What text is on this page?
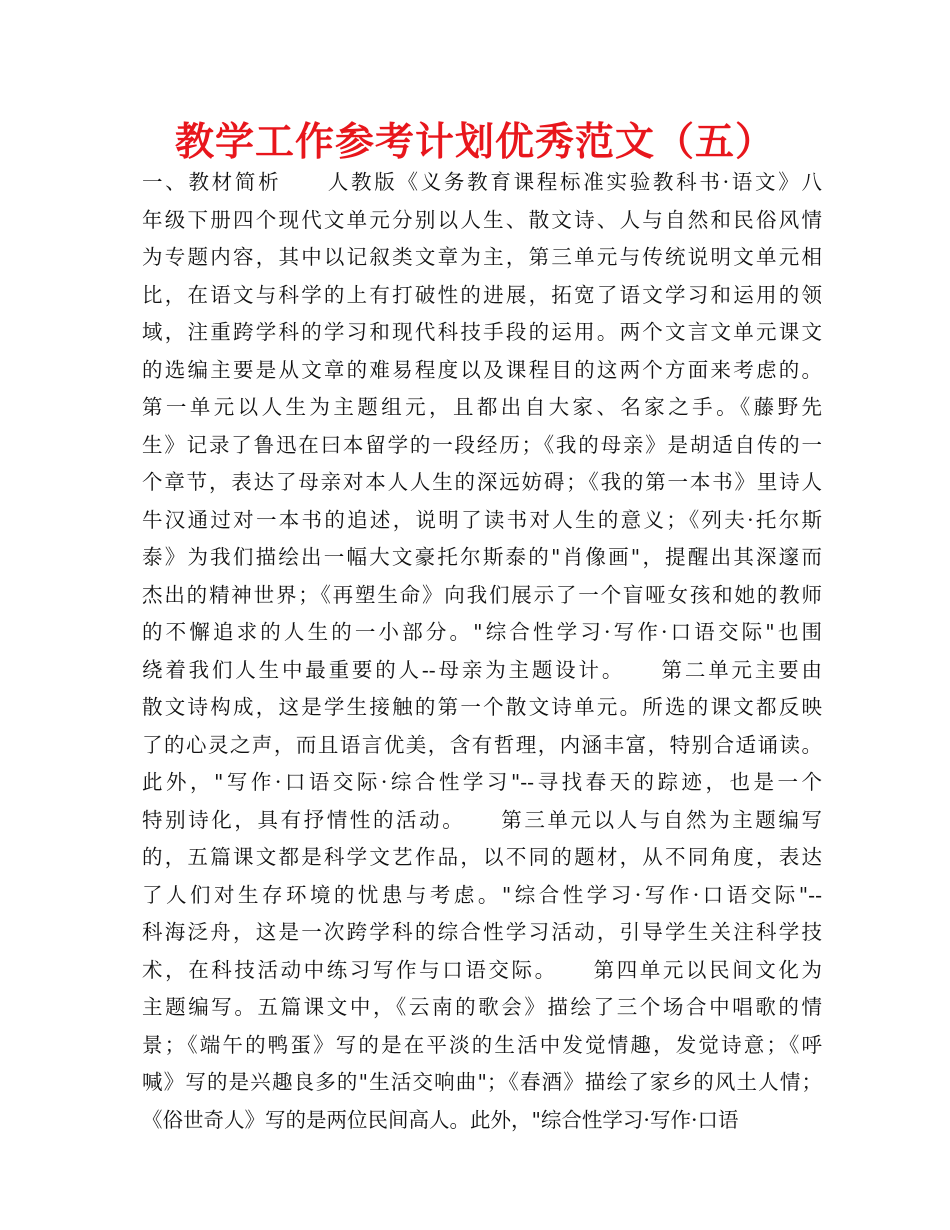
教学工作参考计划优秀范文（五）
一、教材简析　　人教版《义务教育课程标准实验教科书·语文》八
年级下册四个现代文单元分别以人生、散文诗、人与自然和民俗风情
为专题内容，其中以记叙类文章为主，第三单元与传统说明文单元相
比，在语文与科学的上有打破性的进展，拓宽了语文学习和运用的领
域，注重跨学科的学习和现代科技手段的运用。两个文言文单元课文
的选编主要是从文章的难易程度以及课程目的这两个方面来考虑的。
第一单元以人生为主题组元，且都出自大家、名家之手。《藤野先
生》记录了鲁迅在曰本留学的一段经历；《我的母亲》是胡适自传的一
个章节，表达了母亲对本人人生的深远妨碍；《我的第一本书》里诗人
牛汉通过对一本书的追述，说明了读书对人生的意义；《列夫·托尔斯
泰》为我们描绘出一幅大文豪托尔斯泰的"肖像画"，提醒出其深邃而
杰出的精神世界；《再塑生命》向我们展示了一个盲哑女孩和她的教师
的不懈追求的人生的一小部分。"综合性学习·写作·口语交际"也围
绕着我们人生中最重要的人--母亲为主题设计。　　第二单元主要由
散文诗构成，这是学生接触的第一个散文诗单元。所选的课文都反映
了的心灵之声，而且语言优美，含有哲理，内涵丰富，特别合适诵读。
此外，"写作·口语交际·综合性学习"--寻找春天的踪迹，也是一个
特别诗化，具有抒情性的活动。　　第三单元以人与自然为主题编写
的，五篇课文都是科学文艺作品，以不同的题材，从不同角度，表达
了人们对生存环境的忧患与考虑。"综合性学习·写作·口语交际"--
科海泛舟，这是一次跨学科的综合性学习活动，引导学生关注科学技
术，在科技活动中练习写作与口语交际。　　第四单元以民间文化为
主题编写。五篇课文中，《云南的歌会》描绘了三个场合中唱歌的情
景；《端午的鸭蛋》写的是在平淡的生活中发觉情趣，发觉诗意；《呼
喊》写的是兴趣良多的"生活交响曲"；《春酒》描绘了家乡的风土人情；
《俗世奇人》写的是两位民间高人。此外，"综合性学习·写作·口语
